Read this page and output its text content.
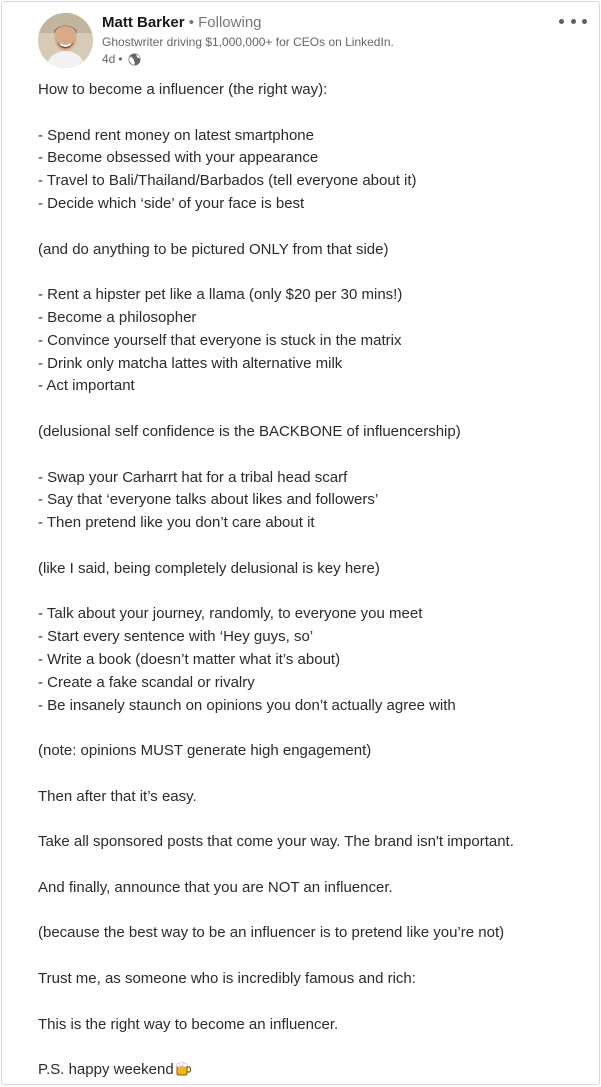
Matt Barker • Following
Ghostwriter driving $1,000,000+ for CEOs on LinkedIn.
4d •
How to become a influencer (the right way):
- Spend rent money on latest smartphone
- Become obsessed with your appearance
- Travel to Bali/Thailand/Barbados (tell everyone about it)
- Decide which ‘side’ of your face is best
(and do anything to be pictured ONLY from that side)
- Rent a hipster pet like a llama (only $20 per 30 mins!)
- Become a philosopher
- Convince yourself that everyone is stuck in the matrix
- Drink only matcha lattes with alternative milk
- Act important
(delusional self confidence is the BACKBONE of influencership)
- Swap your Carharrt hat for a tribal head scarf
- Say that ‘everyone talks about likes and followers’
- Then pretend like you don’t care about it
(like I said, being completely delusional is key here)
- Talk about your journey, randomly, to everyone you meet
- Start every sentence with ‘Hey guys, so’
- Write a book (doesn’t matter what it’s about)
- Create a fake scandal or rivalry
- Be insanely staunch on opinions you don’t actually agree with
(note: opinions MUST generate high engagement)
Then after that it’s easy.
Take all sponsored posts that come your way. The brand isn't important.
And finally, announce that you are NOT an influencer.
(because the best way to be an influencer is to pretend like you’re not)
Trust me, as someone who is incredibly famous and rich:
This is the right way to become an influencer.
P.S. happy weekend
